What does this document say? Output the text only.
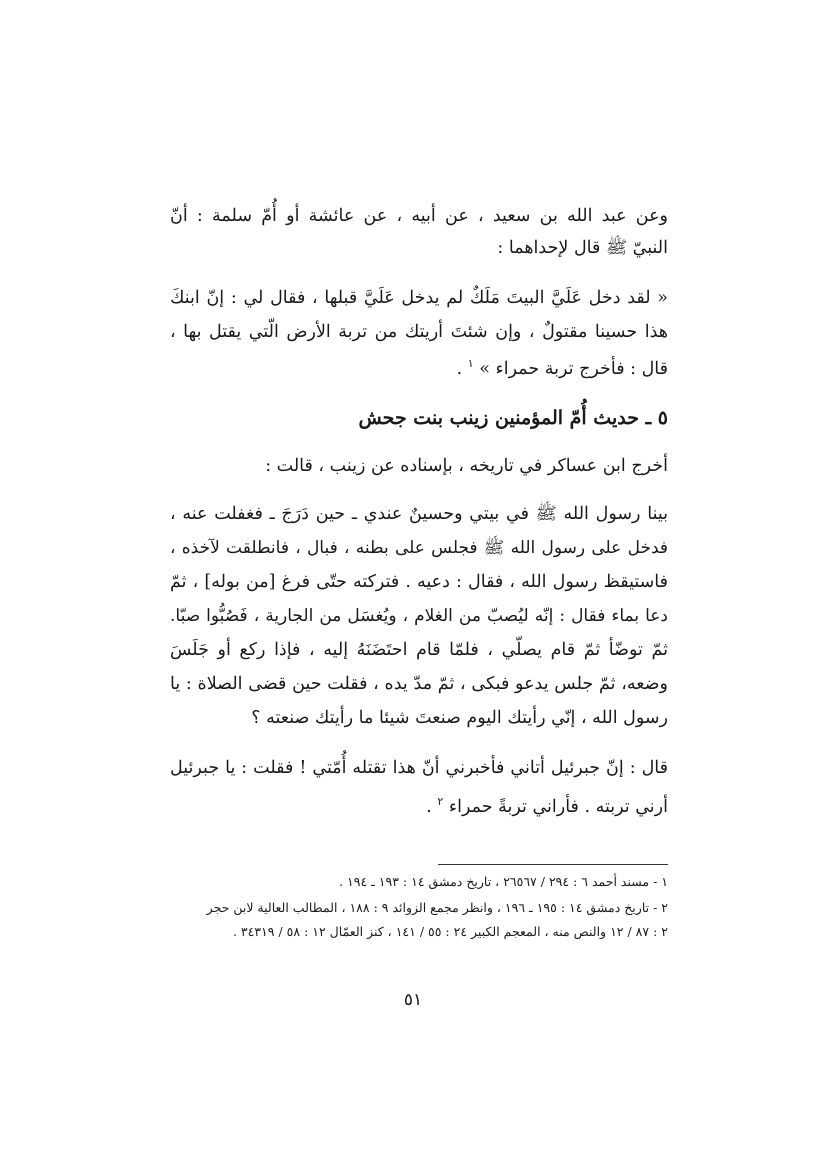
وعن عبد الله بن سعيد ، عن أبيه ، عن عائشة أو أُمّ سلمة : أنّ
النبيّ ﷺ قال لإحداهما :
« لقد دخل عَلَيَّ البيتَ مَلَكٌ لم يدخل عَلَيَّ قبلها ، فقال لي : إنّ ابنكَ
هذا حسينا مقتولٌ ، وإن شئتَ أريتك من تربة الأرض الّتي يقتل بها ،
قال : فأخرج تربة حمراء » $^١$ .
٥ ـ حديث أُمّ المؤمنين زينب بنت جحش
أخرج ابن عساكر في تاريخه ، بإسناده عن زينب ، قالت :
بينا رسول الله ﷺ في بيتي وحسينٌ عندي ـ حين دَرَجَ ـ فغفلت عنه ،
فدخل على رسول الله ﷺ فجلس على بطنه ، فبال ، فانطلقت لآخذه ،
فاستيقظ رسول الله ، فقال : دعيه . فتركته حتّى فرغ [من بوله] ، ثمّ
دعا بماء فقال : إنّه ليُصبّ من الغلام ، ويُغسَل من الجارية ، فَصُبُّوا صبّا.
ثمّ توضّأ ثمّ قام يصلّي ، فلمّا قام احتَضَنَهُ إليه ، فإذا ركع أو جَلَسَ
وضعه، ثمّ جلس يدعو فبكى ، ثمّ مدّ يده ، فقلت حين قضى الصلاة : يا
رسول الله ، إنّي رأيتك اليوم صنعتَ شيئا ما رأيتك صنعته ؟
قال : إنّ جبرئيل أتاني فأخبرني أنّ هذا تقتله أُمّتي ! فقلت : يا جبرئيل
أرني تربته . فأراني تربةً حمراء $^٢$ .
١ - مسند أحمد ٦ : ٢٩٤ / ٢٦٥٦٧ ، تاريخ دمشق ١٤ : ١٩٣ ـ ١٩٤ .
٢ - تاريخ دمشق ١٤ : ١٩٥ ـ ١٩٦ ، وانظر مجمع الزوائد ٩ : ١٨٨ ، المطالب العالية لابن حجر
٢ : ٨٧ / ١٢ والنص منه ، المعجم الكبير ٢٤ : ٥٥ / ١٤١ ، كنز العمّال ١٢ : ٥٨ / ٣٤٣١٩ .
٥١
